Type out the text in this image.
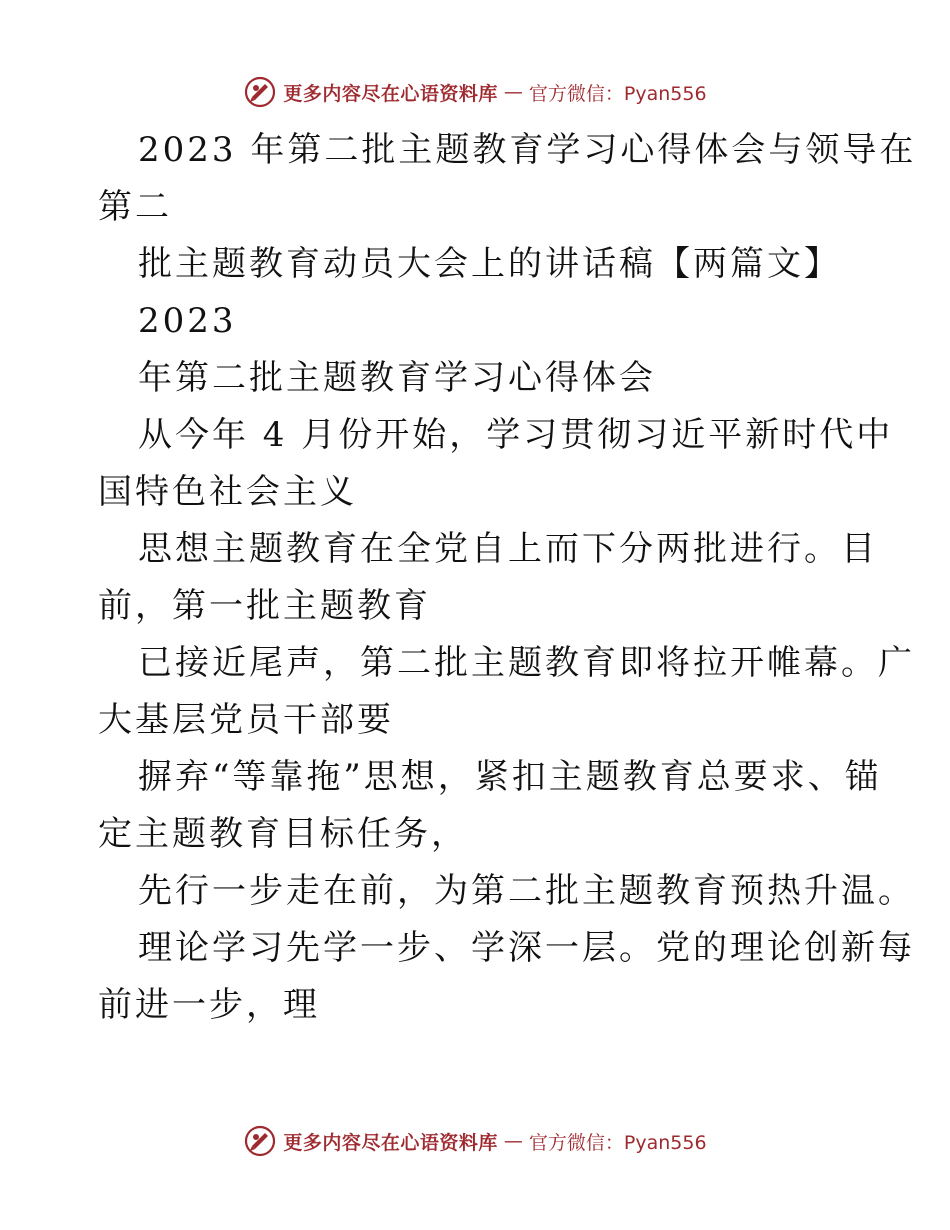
更多内容尽在心语资料库 — 官方微信：Pyan556

2023 年第二批主题教育学习心得体会与领导在
第二

批主题教育动员大会上的讲话稿【两篇文】

2023

年第二批主题教育学习心得体会

从今年 4 月份开始，学习贯彻习近平新时代中
国特色社会主义

思想主题教育在全党自上而下分两批进行。目
前，第一批主题教育

已接近尾声，第二批主题教育即将拉开帷幕。广
大基层党员干部要

摒弃“等靠拖”思想，紧扣主题教育总要求、锚
定主题教育目标任务，

先行一步走在前，为第二批主题教育预热升温。

理论学习先学一步、学深一层。党的理论创新每
前进一步，理

更多内容尽在心语资料库 — 官方微信：Pyan556
